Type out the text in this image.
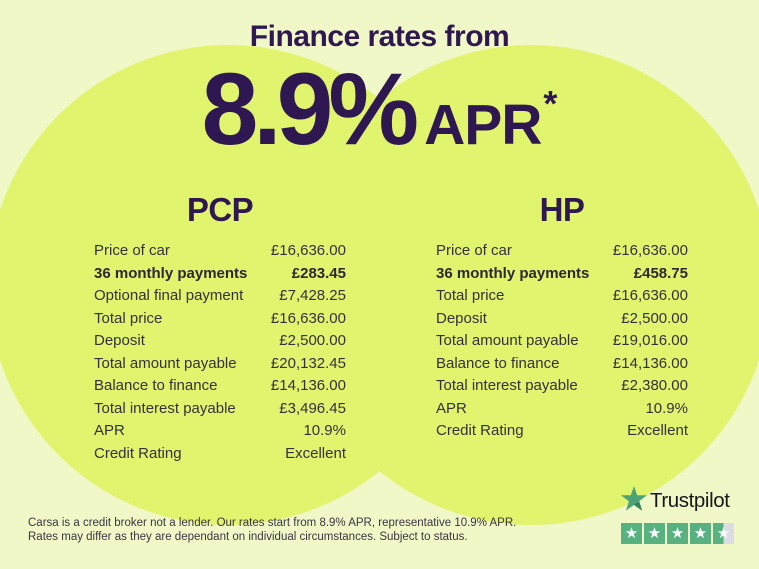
Finance rates from
8.9% APR *
PCP
Price of car	£16,636.00
36 monthly payments	£283.45
Optional final payment £7,428.25
Total price	£16,636.00
Deposit	£2,500.00
Total amount payable £20,132.45
Balance to finance	£14,136.00
Total interest payable	£3,496.45
APR	10.9%
Credit Rating	Excellent
HP
Price of car	£16,636.00
36 monthly payments	£458.75
Total price	£16,636.00
Deposit	£2,500.00
Total amount payable £19,016.00
Balance to finance	£14,136.00
Total interest payable	£2,380.00
APR	10.9%
Credit Rating	Excellent
Carsa is a credit broker not a lender. Our rates start from 8.9% APR, representative 10.9% APR.
Rates may differ as they are dependant on individual circumstances. Subject to status.
Trustpilot
★ ★ ★ ★ ★
